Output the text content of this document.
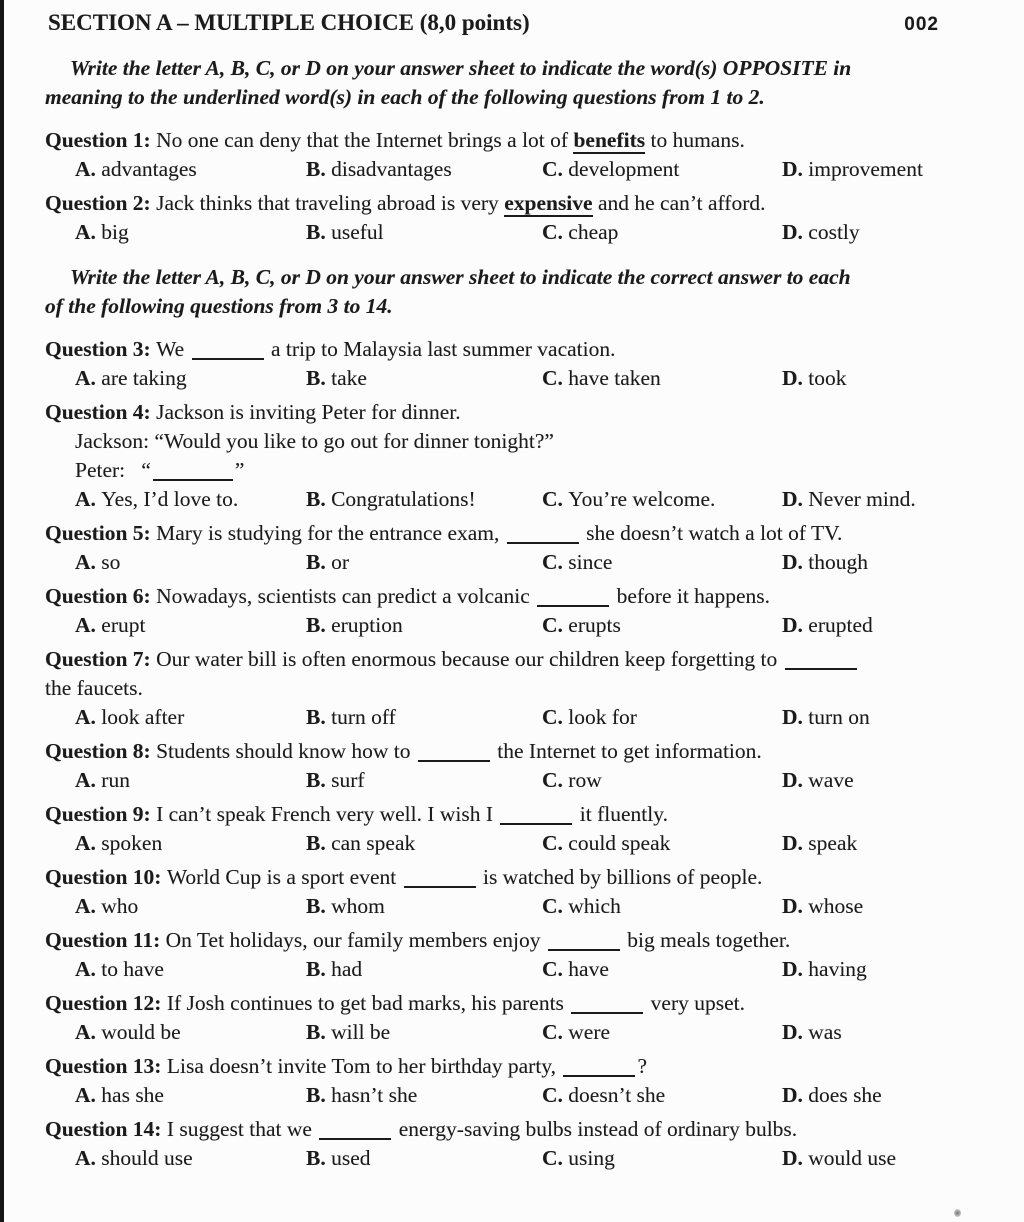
SECTION A – MULTIPLE CHOICE (8,0 points)	002
Write the letter A, B, C, or D on your answer sheet to indicate the word(s) OPPOSITE in
meaning to the underlined word(s) in each of the following questions from 1 to 2.
Question 1: No one can deny that the Internet brings a lot of benefits to humans.
A. advantages	B. disadvantages	C. development	D. improvement
Question 2: Jack thinks that traveling abroad is very expensive and he can’t afford.
A. big	B. useful	C. cheap	D. costly
Write the letter A, B, C, or D on your answer sheet to indicate the correct answer to each
of the following questions from 3 to 14.
Question 3: We	a trip to Malaysia last summer vacation.
A. are taking	B. take	C. have taken	D. took
Question 4: Jackson is inviting Peter for dinner.
Jackson: “Would you like to go out for dinner tonight?”
Peter:   “	”
A. Yes, I’d love to.	B. Congratulations!	C. You’re welcome.	D. Never mind.
Question 5: Mary is studying for the entrance exam,	she doesn’t watch a lot of TV.
A. so	B. or	C. since	D. though
Question 6: Nowadays, scientists can predict a volcanic	before it happens.
A. erupt	B. eruption	C. erupts	D. erupted
Question 7: Our water bill is often enormous because our children keep forgetting to
the faucets.
A. look after	B. turn off	C. look for	D. turn on
Question 8: Students should know how to	the Internet to get information.
A. run	B. surf	C. row	D. wave
Question 9: I can’t speak French very well. I wish I	it fluently.
A. spoken	B. can speak	C. could speak	D. speak
Question 10: World Cup is a sport event	is watched by billions of people.
A. who	B. whom	C. which	D. whose
Question 11: On Tet holidays, our family members enjoy	big meals together.
A. to have	B. had	C. have	D. having
Question 12: If Josh continues to get bad marks, his parents	very upset.
A. would be	B. will be	C. were	D. was
Question 13: Lisa doesn’t invite Tom to her birthday party,	?
A. has she	B. hasn’t she	C. doesn’t she	D. does she
Question 14: I suggest that we	energy-saving bulbs instead of ordinary bulbs.
A. should use	B. used	C. using	D. would use
